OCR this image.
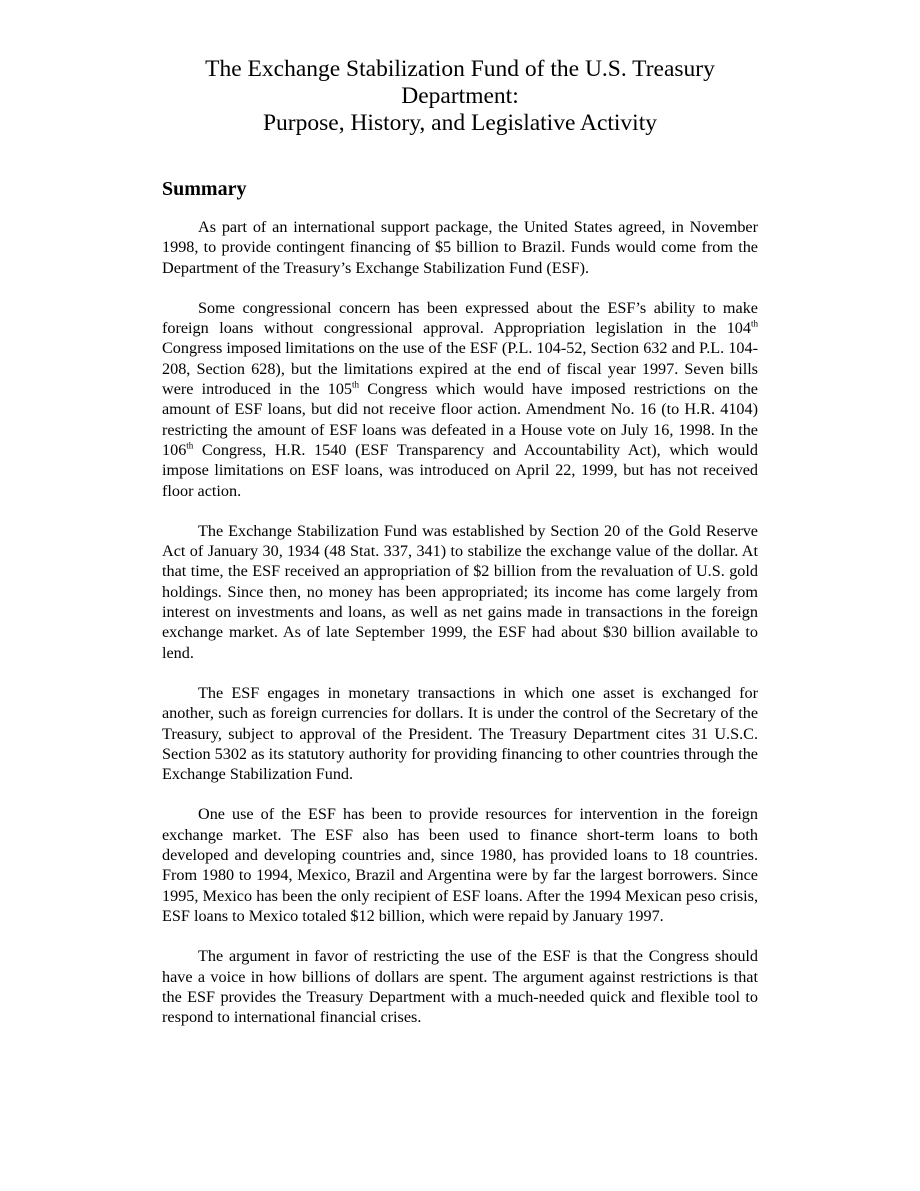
The Exchange Stabilization Fund of the U.S. Treasury
Department:
Purpose, History, and Legislative Activity
Summary

As part of an international support package, the United States agreed, in November 1998, to provide contingent financing of $5 billion to Brazil. Funds would come from the Department of the Treasury’s Exchange Stabilization Fund (ESF).

Some congressional concern has been expressed about the ESF’s ability to make foreign loans without congressional approval. Appropriation legislation in the 104th Congress imposed limitations on the use of the ESF (P.L. 104-52, Section 632 and P.L. 104-208, Section 628), but the limitations expired at the end of fiscal year 1997. Seven bills were introduced in the 105th Congress which would have imposed restrictions on the amount of ESF loans, but did not receive floor action. Amendment No. 16 (to H.R. 4104) restricting the amount of ESF loans was defeated in a House vote on July 16, 1998. In the 106th Congress, H.R. 1540 (ESF Transparency and Accountability Act), which would impose limitations on ESF loans, was introduced on April 22, 1999, but has not received floor action.

The Exchange Stabilization Fund was established by Section 20 of the Gold Reserve Act of January 30, 1934 (48 Stat. 337, 341) to stabilize the exchange value of the dollar. At that time, the ESF received an appropriation of $2 billion from the revaluation of U.S. gold holdings. Since then, no money has been appropriated; its income has come largely from interest on investments and loans, as well as net gains made in transactions in the foreign exchange market. As of late September 1999, the ESF had about $30 billion available to lend.

The ESF engages in monetary transactions in which one asset is exchanged for another, such as foreign currencies for dollars. It is under the control of the Secretary of the Treasury, subject to approval of the President. The Treasury Department cites 31 U.S.C. Section 5302 as its statutory authority for providing financing to other countries through the Exchange Stabilization Fund.

One use of the ESF has been to provide resources for intervention in the foreign exchange market. The ESF also has been used to finance short-term loans to both developed and developing countries and, since 1980, has provided loans to 18 countries. From 1980 to 1994, Mexico, Brazil and Argentina were by far the largest borrowers. Since 1995, Mexico has been the only recipient of ESF loans. After the 1994 Mexican peso crisis, ESF loans to Mexico totaled $12 billion, which were repaid by January 1997.

The argument in favor of restricting the use of the ESF is that the Congress should have a voice in how billions of dollars are spent. The argument against restrictions is that the ESF provides the Treasury Department with a much-needed quick and flexible tool to respond to international financial crises.
